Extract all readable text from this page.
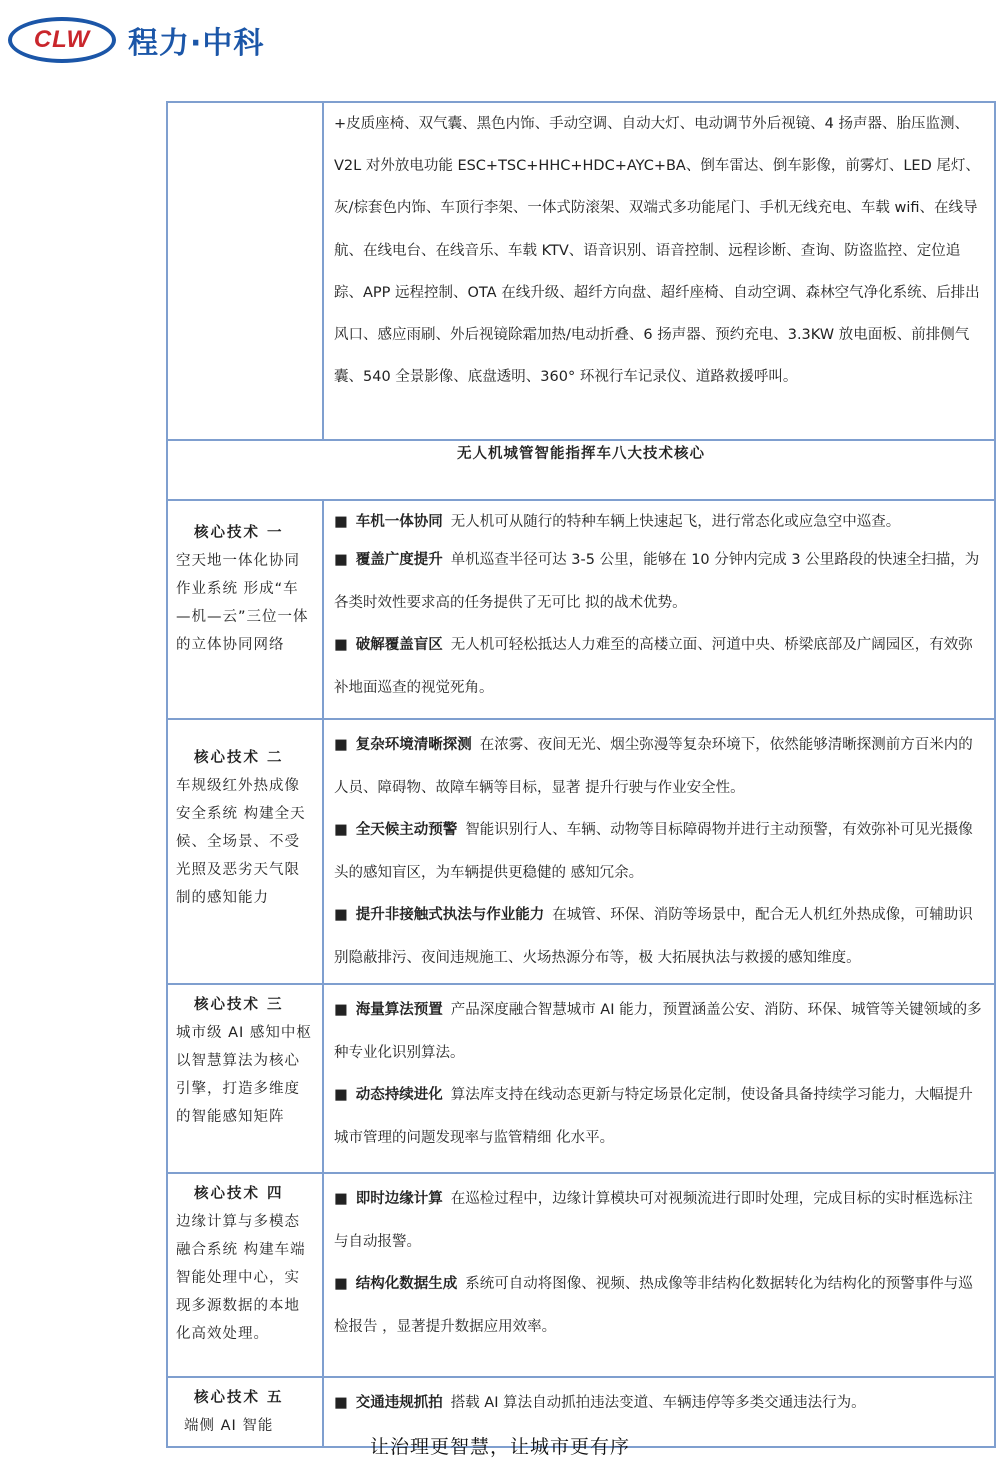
CLW 程力·中科
	+皮质座椅、双气囊、黑色内饰、手动空调、自动大灯、电动调节外后视镜、4 扬声器、胎压监测、V2L 对外放电功能 ESC+TSC+HHC+HDC+AYC+BA、倒车雷达、倒车影像，前雾灯、LED 尾灯、灰/棕套色内饰、车顶行李架、一体式防滚架、双端式多功能尾门、手机无线充电、车载 wifi、在线导航、在线电台、在线音乐、车载 KTV、语音识别、语音控制、远程诊断、查询、防盗监控、定位追踪、APP 远程控制、OTA 在线升级、超纤方向盘、超纤座椅、自动空调、森林空气净化系统、后排出风口、感应雨刷、外后视镜除霜加热/电动折叠、6 扬声器、预约充电、3.3KW 放电面板、前排侧气囊、540 全景影像、底盘透明、360° 环视行车记录仪、道路救援呼叫。
无人机城管智能指挥车八大技术核心	

核心技术 一
空天地一体化协同作业系统 形成“车—机—云”三位一体的立体协同网络	■ 车机一体协同 无人机可从随行的特种车辆上快速起飞，进行常态化或应急空中巡查。
■ 覆盖广度提升 单机巡查半径可达 3-5 公里，能够在 10 分钟内完成 3 公里路段的快速全扫描，为各类时效性要求高的任务提供了无可比 拟的战术优势。
■ 破解覆盖盲区 无人机可轻松抵达人力难至的高楼立面、河道中央、桥梁底部及广阔园区，有效弥补地面巡查的视觉死角。

核心技术 二
车规级红外热成像安全系统 构建全天候、全场景、不受光照及恶劣天气限制的感知能力	■ 复杂环境清晰探测 在浓雾、夜间无光、烟尘弥漫等复杂环境下，依然能够清晰探测前方百米内的人员、障碍物、故障车辆等目标，显著 提升行驶与作业安全性。
■ 全天候主动预警 智能识别行人、车辆、动物等目标障碍物并进行主动预警，有效弥补可见光摄像头的感知盲区，为车辆提供更稳健的 感知冗余。
■ 提升非接触式执法与作业能力 在城管、环保、消防等场景中，配合无人机红外热成像，可辅助识别隐蔽排污、夜间违规施工、火场热源分布等，极 大拓展执法与救援的感知维度。

核心技术 三
城市级 AI 感知中枢 以智慧算法为核心引擎，打造多维度的智能感知矩阵	■ 海量算法预置 产品深度融合智慧城市 AI 能力，预置涵盖公安、消防、环保、城管等关键领域的多种专业化识别算法。
■ 动态持续进化 算法库支持在线动态更新与特定场景化定制，使设备具备持续学习能力，大幅提升城市管理的问题发现率与监管精细 化水平。

核心技术 四
边缘计算与多模态融合系统 构建车端智能处理中心，实现多源数据的本地化高效处理。	■ 即时边缘计算 在巡检过程中，边缘计算模块可对视频流进行即时处理，完成目标的实时框选标注与自动报警。
■ 结构化数据生成 系统可自动将图像、视频、热成像等非结构化数据转化为结构化的预警事件与巡检报告 ，显著提升数据应用效率。

核心技术 五
端侧 AI 智能	■ 交通违规抓拍 搭载 AI 算法自动抓拍违法变道、车辆违停等多类交通违法行为。
让治理更智慧，让城市更有序
